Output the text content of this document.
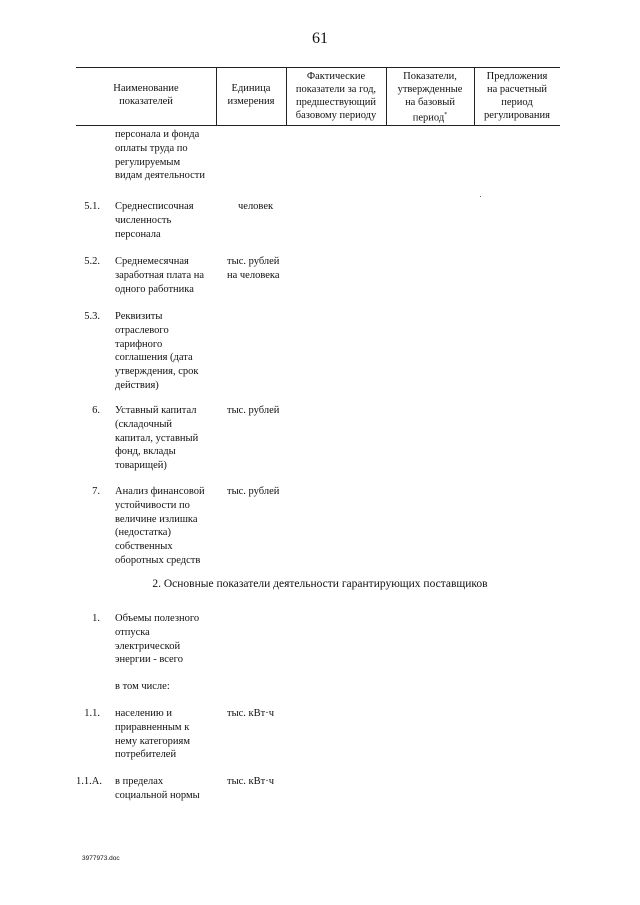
61
Наименование
показателей
Единица
измерения
Фактические
показатели за год,
предшествующий
базовому периоду
Показатели,
утвержденные
на базовый
период*
Предложения
на расчетный
период
регулирования
персонала и фонда
оплаты труда по
регулируемым
видам деятельности
5.1. Среднесписочная
численность
персонала
человек
5.2. Среднемесячная
заработная плата на
одного работника
тыс. рублей
на человека
5.3. Реквизиты
отраслевого
тарифного
соглашения (дата
утверждения, срок
действия)
6. Уставный капитал
(складочный
капитал, уставный
фонд, вклады
товарищей)
тыс. рублей
7. Анализ финансовой
устойчивости по
величине излишка
(недостатка)
собственных
оборотных средств
тыс. рублей
2. Основные показатели деятельности гарантирующих поставщиков
1. Объемы полезного
отпуска
электрической
энергии - всего
в том числе:
1.1. населению и
приравненным к
нему категориям
потребителей
тыс. кВт·ч
1.1.А. в пределах
социальной нормы
тыс. кВт·ч
3977973.doc
